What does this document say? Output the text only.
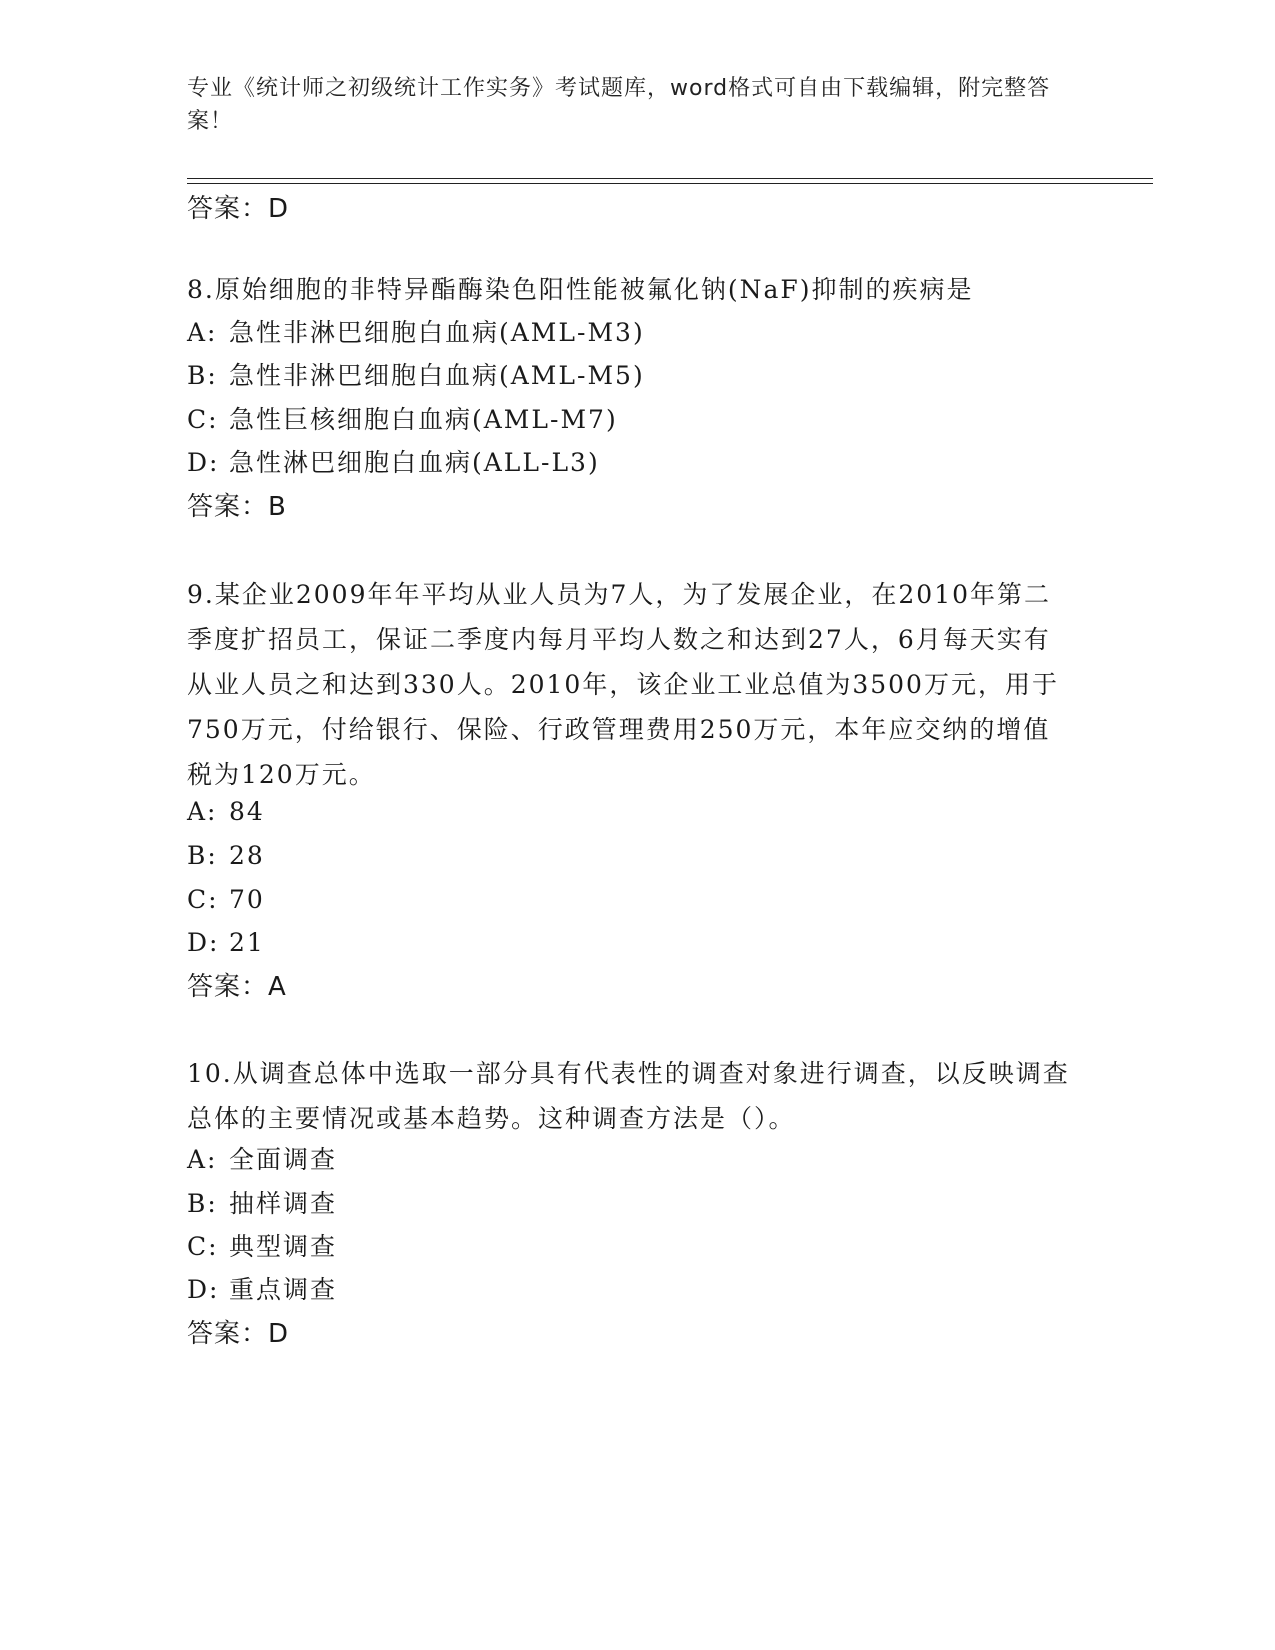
专业《统计师之初级统计工作实务》考试题库，word格式可自由下载编辑，附完整答案！
答案：D
8.原始细胞的非特异酯酶染色阳性能被氟化钠(NaF)抑制的疾病是
A: 急性非淋巴细胞白血病(AML-M3)
B: 急性非淋巴细胞白血病(AML-M5)
C: 急性巨核细胞白血病(AML-M7)
D: 急性淋巴细胞白血病(ALL-L3)
答案：B
9.某企业2009年年平均从业人员为7人，为了发展企业，在2010年第二季度扩招员工，保证二季度内每月平均人数之和达到27人，6月每天实有从业人员之和达到330人。2010年，该企业工业总值为3500万元，用于750万元，付给银行、保险、行政管理费用250万元，本年应交纳的增值税为120万元。
A: 84
B: 28
C: 70
D: 21
答案：A
10.从调查总体中选取一部分具有代表性的调查对象进行调查，以反映调查总体的主要情况或基本趋势。这种调查方法是（）。
A: 全面调查
B: 抽样调查
C: 典型调查
D: 重点调查
答案：D
